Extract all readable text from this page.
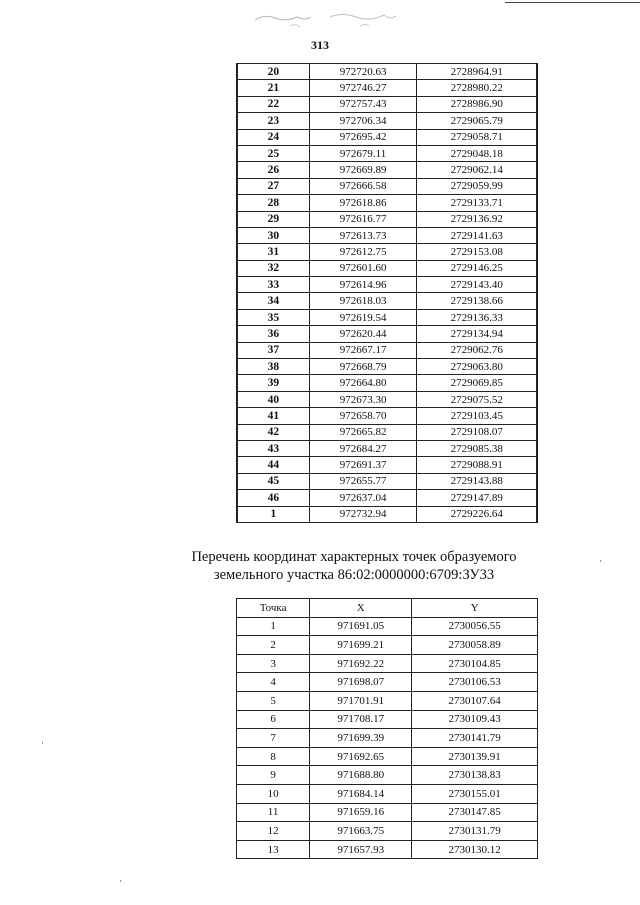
313
20	972720.63	2728964.91
21	972746.27	2728980.22
22	972757.43	2728986.90
23	972706.34	2729065.79
24	972695.42	2729058.71
25	972679.11	2729048.18
26	972669.89	2729062.14
27	972666.58	2729059.99
28	972618.86	2729133.71
29	972616.77	2729136.92
30	972613.73	2729141.63
31	972612.75	2729153.08
32	972601.60	2729146.25
33	972614.96	2729143.40
34	972618.03	2729138.66
35	972619.54	2729136.33
36	972620.44	2729134.94
37	972667.17	2729062.76
38	972668.79	2729063.80
39	972664.80	2729069.85
40	972673.30	2729075.52
41	972658.70	2729103.45
42	972665.82	2729108.07
43	972684.27	2729085.38
44	972691.37	2729088.91
45	972655.77	2729143.88
46	972637.04	2729147.89
1	972732.94	2729226.64
Перечень координат характерных точек образуемого
земельного участка 86:02:0000000:6709:ЗУ33
Точка	X	Y
1	971691.05	2730056.55
2	971699.21	2730058.89
3	971692.22	2730104.85
4	971698.07	2730106.53
5	971701.91	2730107.64
6	971708.17	2730109.43
7	971699.39	2730141.79
8	971692.65	2730139.91
9	971688.80	2730138.83
10	971684.14	2730155.01
11	971659.16	2730147.85
12	971663.75	2730131.79
13	971657.93	2730130.12
